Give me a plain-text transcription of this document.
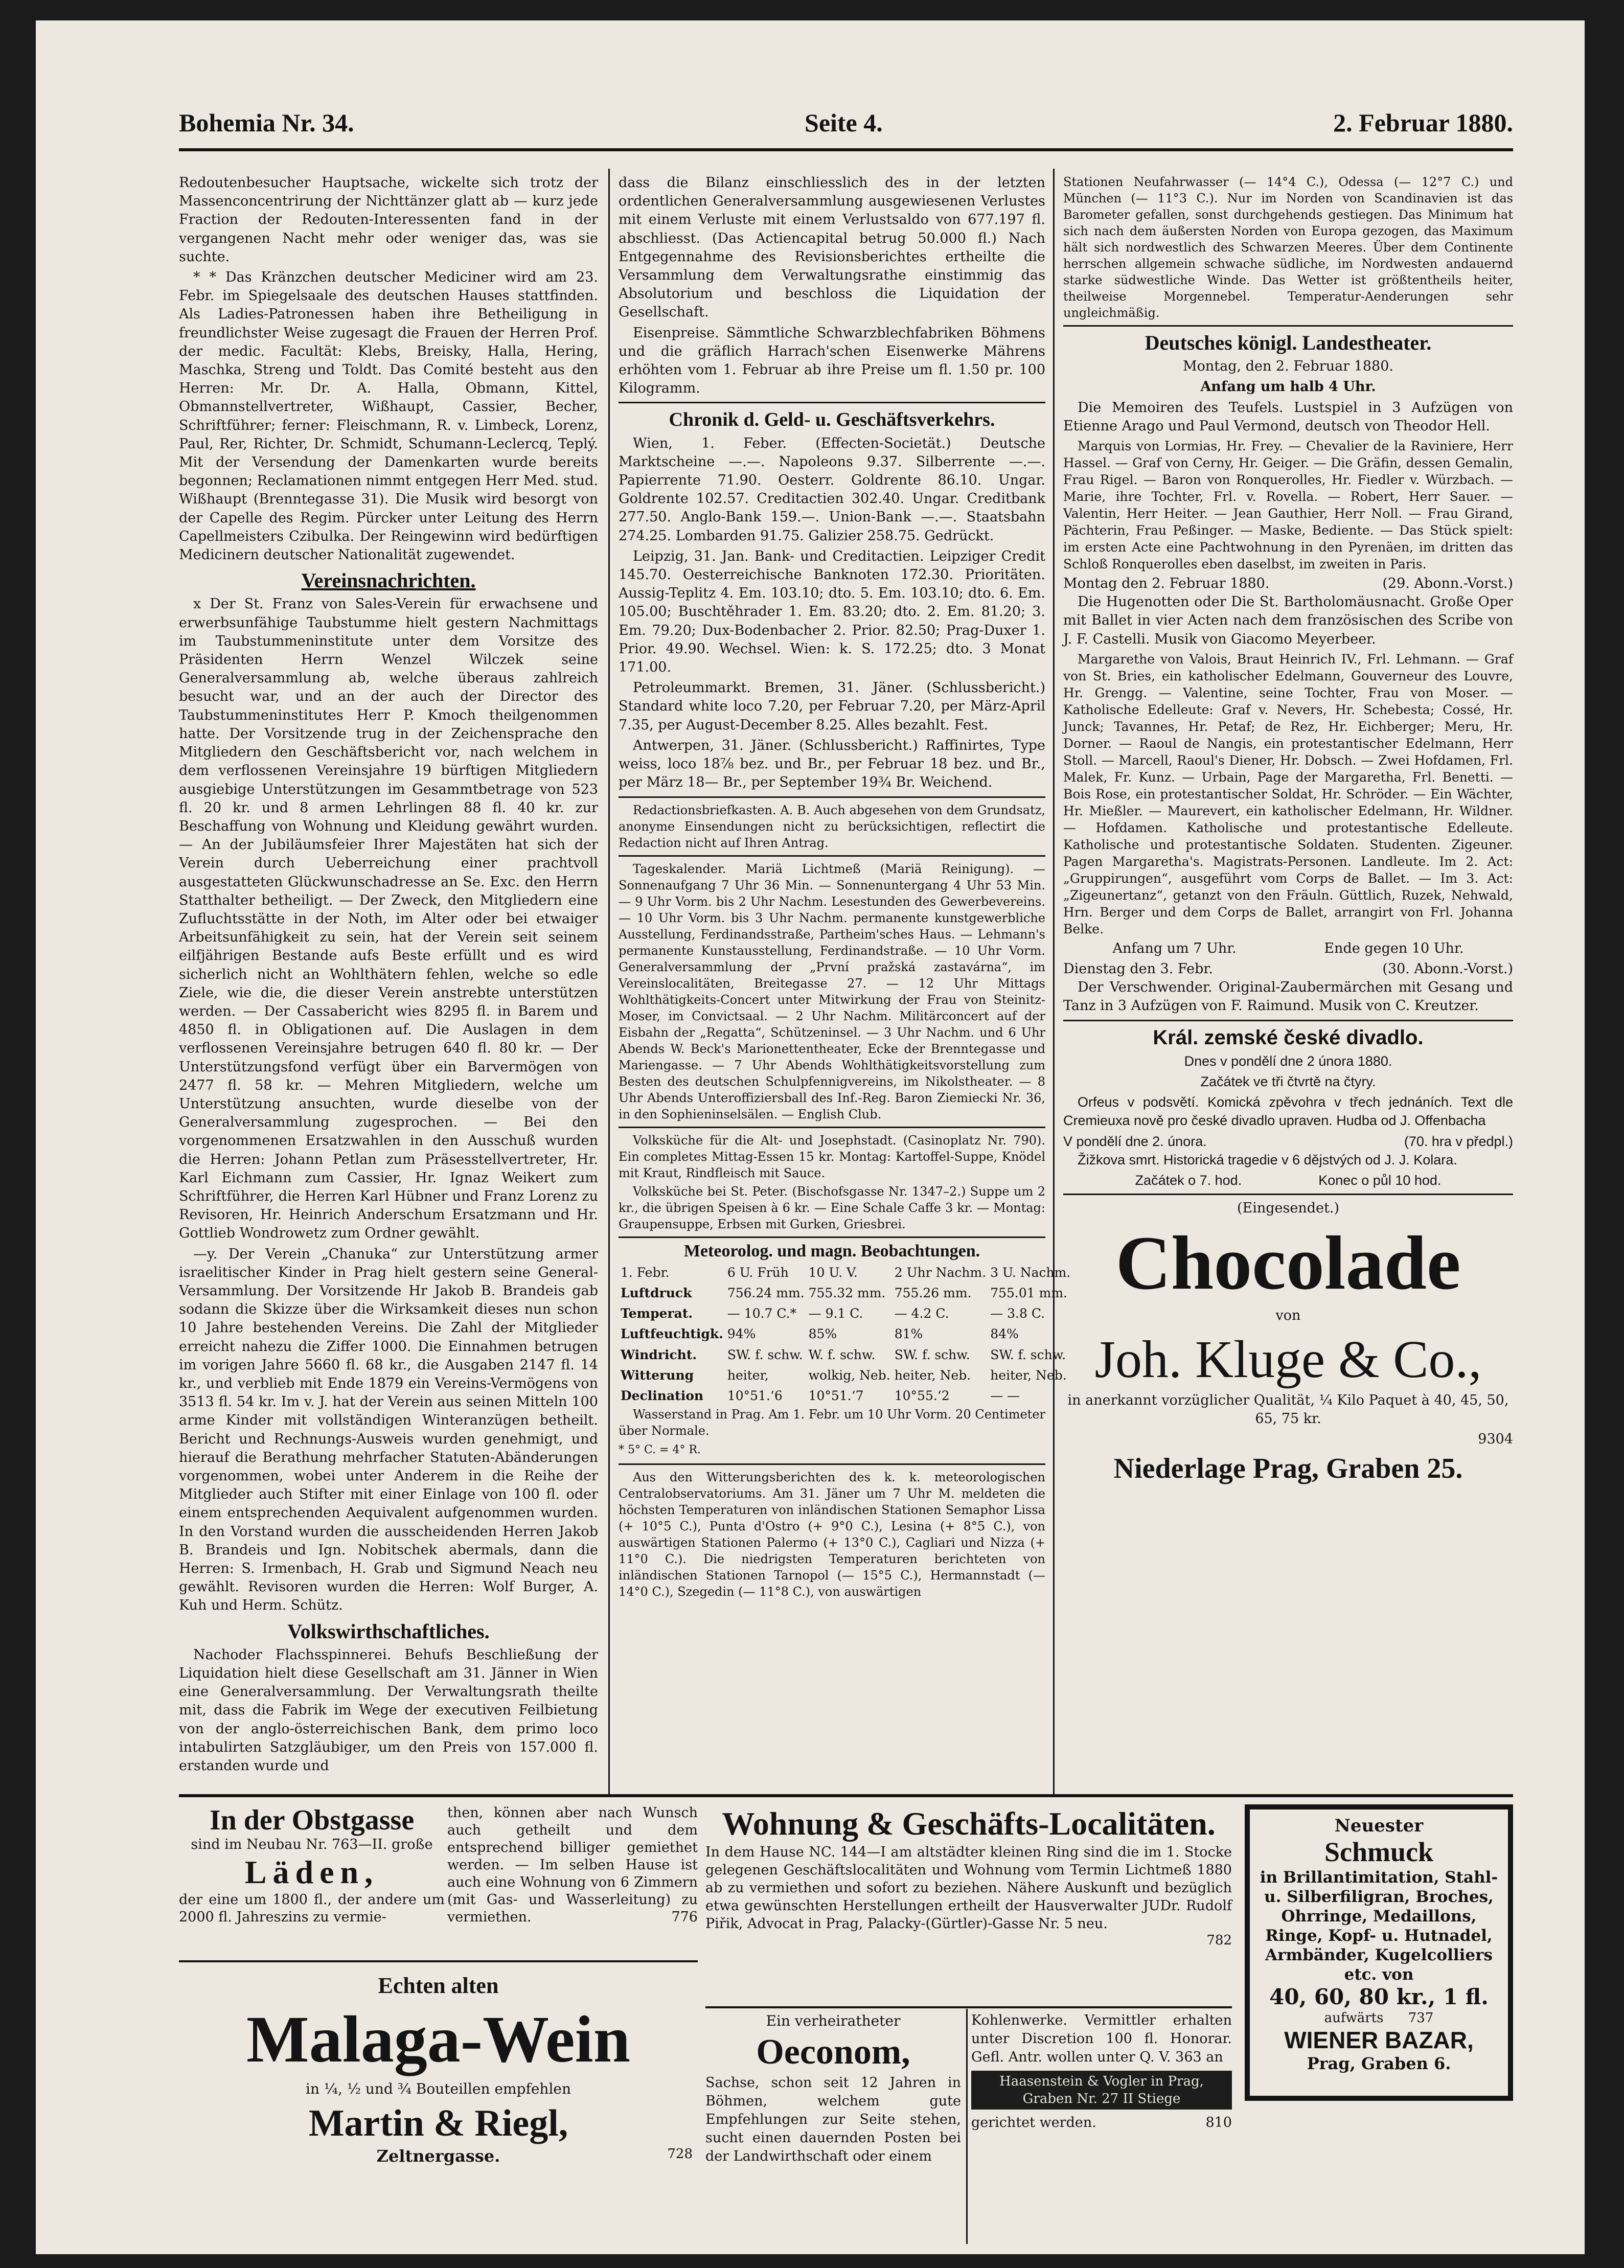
Bohemia Nr. 34.	Seite 4.	2. Februar 1880.

Redoutenbesucher Hauptsache, wickelte sich trotz der Massenconcentrirung der Nichttänzer glatt ab — kurz jede Fraction der Redouten-Interessenten fand in der vergangenen Nacht mehr oder weniger das, was sie suchte.

* * Das Kränzchen deutscher Mediciner wird am 23. Febr. im Spiegelsaale des deutschen Hauses stattfinden. Als Ladies-Patronessen haben ihre Betheiligung in freundlichster Weise zugesagt die Frauen der Herren Prof. der medic. Facultät: Klebs, Breisky, Halla, Hering, Maschka, Streng und Toldt. Das Comité besteht aus den Herren: Mr. Dr. A. Halla, Obmann, Kittel, Obmannstellvertreter, Wißhaupt, Cassier, Becher, Schriftführer; ferner: Fleischmann, R. v. Limbeck, Lorenz, Paul, Rer, Richter, Dr. Schmidt, Schumann-Leclercq, Teplý. Mit der Versendung der Damenkarten wurde bereits begonnen; Reclamationen nimmt entgegen Herr Med. stud. Wißhaupt (Brenntegasse 31). Die Musik wird besorgt von der Capelle des Regim. Pürcker unter Leitung des Herrn Capellmeisters Czibulka. Der Reingewinn wird bedürftigen Medicinern deutscher Nationalität zugewendet.

Vereinsnachrichten.

x Der St. Franz von Sales-Verein für erwachsene und erwerbsunfähige Taubstumme hielt gestern Nachmittags im Taubstummeninstitute unter dem Vorsitze des Präsidenten Herrn Wenzel Wilczek seine Generalversammlung ab, welche überaus zahlreich besucht war, und an der auch der Director des Taubstummeninstitutes Herr P. Kmoch theilgenommen hatte. Der Vorsitzende trug in der Zeichensprache den Mitgliedern den Geschäftsbericht vor, nach welchem in dem verflossenen Vereinsjahre 19 bürftigen Mitgliedern ausgiebige Unterstützungen im Gesammtbetrage von 523 fl. 20 kr. und 8 armen Lehrlingen 88 fl. 40 kr. zur Beschaffung von Wohnung und Kleidung gewährt wurden. — An der Jubiläumsfeier Ihrer Majestäten hat sich der Verein durch Ueberreichung einer prachtvoll ausgestatteten Glückwunschadresse an Se. Exc. den Herrn Statthalter betheiligt. — Der Zweck, den Mitgliedern eine Zufluchtsstätte in der Noth, im Alter oder bei etwaiger Arbeitsunfähigkeit zu sein, hat der Verein seit seinem eilfjährigen Bestande aufs Beste erfüllt und es wird sicherlich nicht an Wohlthätern fehlen, welche so edle Ziele, wie die, die dieser Verein anstrebte unterstützen werden. — Der Cassabericht wies 8295 fl. in Barem und 4850 fl. in Obligationen auf. Die Auslagen in dem verflossenen Vereinsjahre betrugen 640 fl. 80 kr. — Der Unterstützungsfond verfügt über ein Barvermögen von 2477 fl. 58 kr. — Mehren Mitgliedern, welche um Unterstützung ansuchten, wurde dieselbe von der Generalversammlung zugesprochen. — Bei den vorgenommenen Ersatzwahlen in den Ausschuß wurden die Herren: Johann Petlan zum Präsesstellvertreter, Hr. Karl Eichmann zum Cassier, Hr. Ignaz Weikert zum Schriftführer, die Herren Karl Hübner und Franz Lorenz zu Revisoren, Hr. Heinrich Anderschum Ersatzmann und Hr. Gottlieb Wondrowetz zum Ordner gewählt.

—y. Der Verein „Chanuka“ zur Unterstützung armer israelitischer Kinder in Prag hielt gestern seine General-Versammlung. Der Vorsitzende Hr Jakob B. Brandeis gab sodann die Skizze über die Wirksamkeit dieses nun schon 10 Jahre bestehenden Vereins. Die Zahl der Mitglieder erreicht nahezu die Ziffer 1000. Die Einnahmen betrugen im vorigen Jahre 5660 fl. 68 kr., die Ausgaben 2147 fl. 14 kr., und verblieb mit Ende 1879 ein Vereins-Vermögens von 3513 fl. 54 kr. Im v. J. hat der Verein aus seinen Mitteln 100 arme Kinder mit vollständigen Winteranzügen betheilt. Bericht und Rechnungs-Ausweis wurden genehmigt, und hierauf die Berathung mehrfacher Statuten-Abänderungen vorgenommen, wobei unter Anderem in die Reihe der Mitglieder auch Stifter mit einer Einlage von 100 fl. oder einem entsprechenden Aequivalent aufgenommen wurden. In den Vorstand wurden die ausscheidenden Herren Jakob B. Brandeis und Ign. Nobitschek abermals, dann die Herren: S. Irmenbach, H. Grab und Sigmund Neach neu gewählt. Revisoren wurden die Herren: Wolf Burger, A. Kuh und Herm. Schütz.

Volkswirthschaftliches.

Nachoder Flachsspinnerei. Behufs Beschließung der Liquidation hielt diese Gesellschaft am 31. Jänner in Wien eine Generalversammlung. Der Verwaltungsrath theilte mit, dass die Fabrik im Wege der executiven Feilbietung von der anglo-österreichischen Bank, dem primo loco intabulirten Satzgläubiger, um den Preis von 157.000 fl. erstanden wurde und

dass die Bilanz einschliesslich des in der letzten ordentlichen Generalversammlung ausgewiesenen Verlustes mit einem Verluste mit einem Verlustsaldo von 677.197 fl. abschliesst. (Das Actiencapital betrug 50.000 fl.) Nach Entgegennahme des Revisionsberichtes ertheilte die Versammlung dem Verwaltungsrathe einstimmig das Absolutorium und beschloss die Liquidation der Gesellschaft.

Eisenpreise. Sämmtliche Schwarzblechfabriken Böhmens und die gräflich Harrach'schen Eisenwerke Mährens erhöhten vom 1. Februar ab ihre Preise um fl. 1.50 pr. 100 Kilogramm.

Chronik d. Geld- u. Geschäftsverkehrs.

Wien, 1. Feber. (Effecten-Societät.) Deutsche Marktscheine —.—. Napoleons 9.37. Silberrente —.—. Papierrente 71.90. Oesterr. Goldrente 86.10. Ungar. Goldrente 102.57. Creditactien 302.40. Ungar. Creditbank 277.50. Anglo-Bank 159.—. Union-Bank —.—. Staatsbahn 274.25. Lombarden 91.75. Galizier 258.75. Gedrückt.

Leipzig, 31. Jan. Bank- und Creditactien. Leipziger Credit 145.70. Oesterreichische Banknoten 172.30. Prioritäten. Aussig-Teplitz 4. Em. 103.10; dto. 5. Em. 103.10; dto. 6. Em. 105.00; Buschtěhrader 1. Em. 83.20; dto. 2. Em. 81.20; 3. Em. 79.20; Dux-Bodenbacher 2. Prior. 82.50; Prag-Duxer 1. Prior. 49.90. Wechsel. Wien: k. S. 172.25; dto. 3 Monat 171.00.

Petroleummarkt. Bremen, 31. Jäner. (Schlussbericht.) Standard white loco 7.20, per Februar 7.20, per März-April 7.35, per August-December 8.25. Alles bezahlt. Fest.

Antwerpen, 31. Jäner. (Schlussbericht.) Raffinirtes, Type weiss, loco 18⅞ bez. und Br., per Februar 18 bez. und Br., per März 18— Br., per September 19¾ Br. Weichend.

Redactionsbriefkasten. A. B. Auch abgesehen von dem Grundsatz, anonyme Einsendungen nicht zu berücksichtigen, reflectirt die Redaction nicht auf Ihren Antrag.

Tageskalender. Mariä Lichtmeß (Mariä Reinigung). — Sonnenaufgang 7 Uhr 36 Min. — Sonnenuntergang 4 Uhr 53 Min. — 9 Uhr Vorm. bis 2 Uhr Nachm. Lesestunden des Gewerbevereins. — 10 Uhr Vorm. bis 3 Uhr Nachm. permanente kunstgewerbliche Ausstellung, Ferdinandsstraße, Partheim'sches Haus. — Lehmann's permanente Kunstausstellung, Ferdinandstraße. — 10 Uhr Vorm. Generalversammlung der „První pražská zastavárna“, im Vereinslocalitäten, Breitegasse 27. — 12 Uhr Mittags Wohlthätigkeits-Concert unter Mitwirkung der Frau von Steinitz-Moser, im Convictsaal. — 2 Uhr Nachm. Militärconcert auf der Eisbahn der „Regatta“, Schützeninsel. — 3 Uhr Nachm. und 6 Uhr Abends W. Beck's Marionettentheater, Ecke der Brenntegasse und Mariengasse. — 7 Uhr Abends Wohlthätigkeitsvorstellung zum Besten des deutschen Schulpfennigvereins, im Nikolstheater. — 8 Uhr Abends Unteroffiziersball des Inf.-Reg. Baron Ziemiecki Nr. 36, in den Sophieninselsälen. — English Club.

Volksküche für die Alt- und Josephstadt. (Casinoplatz Nr. 790). Ein completes Mittag-Essen 15 kr. Montag: Kartoffel-Suppe, Knödel mit Kraut, Rindfleisch mit Sauce.

Volksküche bei St. Peter. (Bischofsgasse Nr. 1347–2.) Suppe um 2 kr., die übrigen Speisen à 6 kr. — Eine Schale Caffe 3 kr. — Montag: Graupensuppe, Erbsen mit Gurken, Griesbrei.

Meteorolog. und magn. Beobachtungen.
1. Febr.	6 U. Früh	10 U. V.	2 Uhr Nachm.	3 U. Nachm.
Luftdruck	756.24 mm.	755.32 mm.	755.26 mm.	755.01 mm.
Temperat.	— 10.7 C.*	— 9.1 C.	— 4.2 C.	— 3.8 C.
Luftfeuchtigk.	94%	85%	81%	84%
Windricht.	SW. f. schw.	W. f. schw.	SW. f. schw.	SW. f. schw.
Witterung	heiter,	wolkig, Neb.	heiter, Neb.	heiter, Neb.
Declination	10°51.‘6	10°51.‘7	10°55.‘2	— —

Wasserstand in Prag. Am 1. Febr. um 10 Uhr Vorm. 20 Centimeter über Normale.

* 5° C. = 4° R.

Aus den Witterungsberichten des k. k. meteorologischen Centralobservatoriums. Am 31. Jäner um 7 Uhr M. meldeten die höchsten Temperaturen von inländischen Stationen Semaphor Lissa (+ 10°5 C.), Punta d'Ostro (+ 9°0 C.), Lesina (+ 8°5 C.), von auswärtigen Stationen Palermo (+ 13°0 C.), Cagliari und Nizza (+ 11°0 C.). Die niedrigsten Temperaturen berichteten von inländischen Stationen Tarnopol (— 15°5 C.), Hermannstadt (— 14°0 C.), Szegedin (— 11°8 C.), von auswärtigen

Stationen Neufahrwasser (— 14°4 C.), Odessa (— 12°7 C.) und München (— 11°3 C.). Nur im Norden von Scandinavien ist das Barometer gefallen, sonst durchgehends gestiegen. Das Minimum hat sich nach dem äußersten Norden von Europa gezogen, das Maximum hält sich nordwestlich des Schwarzen Meeres. Über dem Continente herrschen allgemein schwache südliche, im Nordwesten andauernd starke südwestliche Winde. Das Wetter ist größtentheils heiter, theilweise Morgennebel. Temperatur-Aenderungen sehr ungleichmäßig.

Deutsches königl. Landestheater.

Montag, den 2. Februar 1880.

Anfang um halb 4 Uhr.

Die Memoiren des Teufels. Lustspiel in 3 Aufzügen von Etienne Arago und Paul Vermond, deutsch von Theodor Hell.

Marquis von Lormias, Hr. Frey. — Chevalier de la Raviniere, Herr Hassel. — Graf von Cerny, Hr. Geiger. — Die Gräfin, dessen Gemalin, Frau Rigel. — Baron von Ronquerolles, Hr. Fiedler v. Würzbach. — Marie, ihre Tochter, Frl. v. Rovella. — Robert, Herr Sauer. — Valentin, Herr Heiter. — Jean Gauthier, Herr Noll. — Frau Girand, Pächterin, Frau Peßinger. — Maske, Bediente. — Das Stück spielt: im ersten Acte eine Pachtwohnung in den Pyrenäen, im dritten das Schloß Ronquerolles eben daselbst, im zweiten in Paris.

Montag den 2. Februar 1880.	(29. Abonn.-Vorst.)

Die Hugenotten oder Die St. Bartholomäusnacht. Große Oper mit Ballet in vier Acten nach dem französischen des Scribe von J. F. Castelli. Musik von Giacomo Meyerbeer.

Margarethe von Valois, Braut Heinrich IV., Frl. Lehmann. — Graf von St. Bries, ein katholischer Edelmann, Gouverneur des Louvre, Hr. Grengg. — Valentine, seine Tochter, Frau von Moser. — Katholische Edelleute: Graf v. Nevers, Hr. Schebesta; Cossé, Hr. Junck; Tavannes, Hr. Petaf; de Rez, Hr. Eichberger; Meru, Hr. Dorner. — Raoul de Nangis, ein protestantischer Edelmann, Herr Stoll. — Marcell, Raoul's Diener, Hr. Dobsch. — Zwei Hofdamen, Frl. Malek, Fr. Kunz. — Urbain, Page der Margaretha, Frl. Benetti. — Bois Rose, ein protestantischer Soldat, Hr. Schröder. — Ein Wächter, Hr. Mießler. — Maurevert, ein katholischer Edelmann, Hr. Wildner. — Hofdamen. Katholische und protestantische Edelleute. Katholische und protestantische Soldaten. Studenten. Zigeuner. Pagen Margaretha's. Magistrats-Personen. Landleute. Im 2. Act: „Gruppirungen“, ausgeführt vom Corps de Ballet. — Im 3. Act: „Zigeunertanz“, getanzt von den Fräuln. Güttlich, Ruzek, Nehwald, Hrn. Berger und dem Corps de Ballet, arrangirt von Frl. Johanna Belke.

Anfang um 7 Uhr.                    Ende gegen 10 Uhr.

Dienstag den 3. Febr.	(30. Abonn.-Vorst.)

Der Verschwender. Original-Zaubermärchen mit Gesang und Tanz in 3 Aufzügen von F. Raimund. Musik von C. Kreutzer.

Král. zemské české divadlo.

Dnes v pondělí dne 2 února 1880.

Začátek ve tři čtvrtě na čtyry.

Orfeus v podsvětí. Komická zpěvohra v třech jednáních. Text dle Cremieuxa nově pro české divadlo upraven. Hudba od J. Offenbacha

V pondělí dne 2. února.	(70. hra v předpl.)

Žižkova smrt. Historická tragedie v 6 dějstvých od J. J. Kolara.

Začátek o 7. hod.                    Konec o půl 10 hod.

(Eingesendet.)

Chocolade

von

Joh. Kluge & Co.,

in anerkannt vorzüglicher Qualität, ¼ Kilo Paquet à 40, 45, 50, 65, 75 kr.

9304

Niederlage Prag, Graben 25.
In der Obstgasse
sind im Neubau Nr. 763—II. große
Läden,
der eine um 1800 fl., der andere um 2000 fl. Jahreszins zu vermie-
then, können aber nach Wunsch auch getheilt und dem entsprechend billiger gemiethet werden. — Im selben Hause ist auch eine Wohnung von 6 Zimmern (mit Gas- und Wasserleitung) zu vermiethen.	776
Echten alten
Malaga-Wein
in ¼, ½ und ¾ Bouteillen empfehlen
Martin & Riegl,
Zeltnergasse.	728
Wohnung & Geschäfts-Localitäten.
In dem Hause NC. 144—I am altstädter kleinen Ring sind die im 1. Stocke gelegenen Geschäftslocalitäten und Wohnung vom Termin Lichtmeß 1880 ab zu vermiethen und sofort zu beziehen. Nähere Auskunft und bezüglich etwa gewünschten Herstellungen ertheilt der Hausverwalter JUDr. Rudolf Piřik, Advocat in Prag, Palacky-(Gürtler)-Gasse Nr. 5 neu.
782
Ein verheiratheter
Oeconom,
Sachse, schon seit 12 Jahren in Böhmen, welchem gute Empfehlungen zur Seite stehen, sucht einen dauernden Posten bei der Landwirthschaft oder einem
Kohlenwerke. Vermittler erhalten unter Discretion 100 fl. Honorar. Gefl. Antr. wollen unter Q. V. 363 an
Haasenstein & Vogler in Prag, Graben Nr. 27 II Stiege
gerichtet werden.	810
Neuester
Schmuck
in Brillantimitation, Stahl- u. Silberfiligran, Broches, Ohrringe, Medaillons, Ringe, Kopf- u. Hutnadel, Armbänder, Kugelcolliers etc. von
40, 60, 80 kr., 1 fl.
aufwärts 737
WIENER BAZAR,
Prag, Graben 6.
